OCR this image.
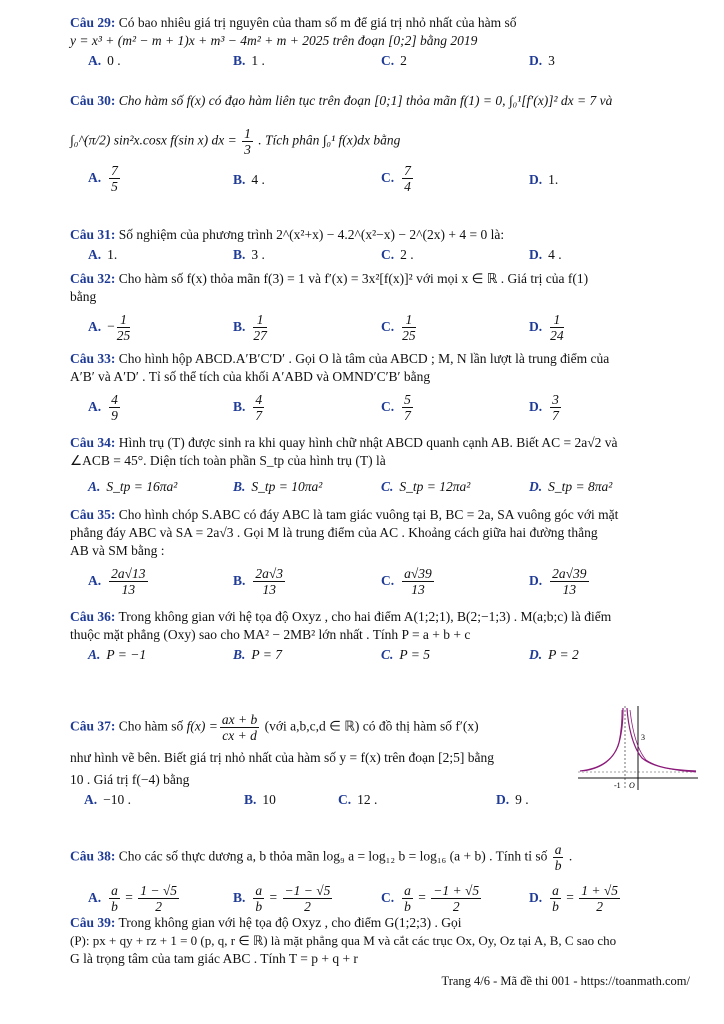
Câu 29: Có bao nhiêu giá trị nguyên của tham số m để giá trị nhỏ nhất của hàm số
y = x³ + (m² − m + 1)x + m³ − 4m² + m + 2025 trên đoạn [0;2] bằng 2019
A. 0 .	B. 1 .	C. 2	D. 3
Câu 30: Cho hàm số f(x) có đạo hàm liên tục trên đoạn [0;1] thỏa mãn f(1) = 0, ∫₀¹[f′(x)]² dx = 7 và
∫₀^(π/2) sin²x.cosx f(sin x) dx = $\frac{1}{3}$ . Tích phân ∫₀¹ f(x)dx bằng
A. $\frac{7}{5}$	B. 4 .	C. $\frac{7}{4}$	D. 1.
Câu 31: Số nghiệm của phương trình 2^(x²+x) − 4.2^(x²−x) − 2^(2x) + 4 = 0 là:
A. 1.	B. 3 .	C. 2 .	D. 4 .
Câu 32: Cho hàm số f(x) thỏa mãn f(3) = 1 và f′(x) = 3x²[f(x)]² với mọi x ∈ ℝ . Giá trị của f(1)
bằng
A. − $\frac{1}{25}$	B. $\frac{1}{27}$	C. $\frac{1}{25}$	D. $\frac{1}{24}$
Câu 33: Cho hình hộp ABCD.A′B′C′D′ . Gọi O là tâm của ABCD ; M, N lần lượt là trung điểm của
A′B′ và A′D′ . Tỉ số thể tích của khối A′ABD và OMND′C′B′ bằng
A. $\frac{4}{9}$	B. $\frac{4}{7}$	C. $\frac{5}{7}$	D. $\frac{3}{7}$
Câu 34: Hình trụ (T) được sinh ra khi quay hình chữ nhật ABCD quanh cạnh AB. Biết AC = 2a√2 và
∠ACB = 45°. Diện tích toàn phần S_tp của hình trụ (T) là
A. S_tp = 16πa²	B. S_tp = 10πa²	C. S_tp = 12πa²	D. S_tp = 8πa²
Câu 35: Cho hình chóp S.ABC có đáy ABC là tam giác vuông tại B, BC = 2a, SA vuông góc với mặt
phẳng đáy ABC và SA = 2a√3 . Gọi M là trung điểm của AC . Khoảng cách giữa hai đường thẳng
AB và SM bằng :
A. $\frac{2a√13}{13}$	B. $\frac{2a√3}{13}$	C. $\frac{a√39}{13}$	D. $\frac{2a√39}{13}$
Câu 36: Trong không gian với hệ tọa độ Oxyz , cho hai điểm A(1;2;1), B(2;−1;3) . M(a;b;c) là điểm
thuộc mặt phẳng (Oxy) sao cho MA² − 2MB² lớn nhất . Tính P = a + b + c
A. P = −1	B. P = 7	C. P = 5	D. P = 2
Câu 37: Cho hàm số $f(x) = \frac{ax + b}{cx + d}$ (với a,b,c,d ∈ ℝ) có đồ thị hàm số f′(x)
như hình vẽ bên. Biết giá trị nhỏ nhất của hàm số y = f(x) trên đoạn [2;5] bằng
10 . Giá trị f(−4) bằng
A. −10 .	B. 10	C. 12 .	D. 9 .
3
-1 O
Câu 38: Cho các số thực dương a, b thỏa mãn log₉ a = log₁₂ b = log₁₆ (a + b) . Tính tỉ số $\frac{a}{b}$ .
A. $\frac{a}{b} = \frac{1 - √5}{2}$	B. $\frac{a}{b} = \frac{-1 - √5}{2}$	C. $\frac{a}{b} = \frac{-1 + √5}{2}$	D. $\frac{a}{b} = \frac{1 + √5}{2}$
Câu 39: Trong không gian với hệ tọa độ Oxyz , cho điểm G(1;2;3) . Gọi
(P): px + qy + rz + 1 = 0 (p, q, r ∈ ℝ) là mặt phẳng qua M và cắt các trục Ox, Oy, Oz tại A, B, C sao cho
G là trọng tâm của tam giác ABC . Tính T = p + q + r
Trang 4/6 - Mã đề thi 001 - https://toanmath.com/
